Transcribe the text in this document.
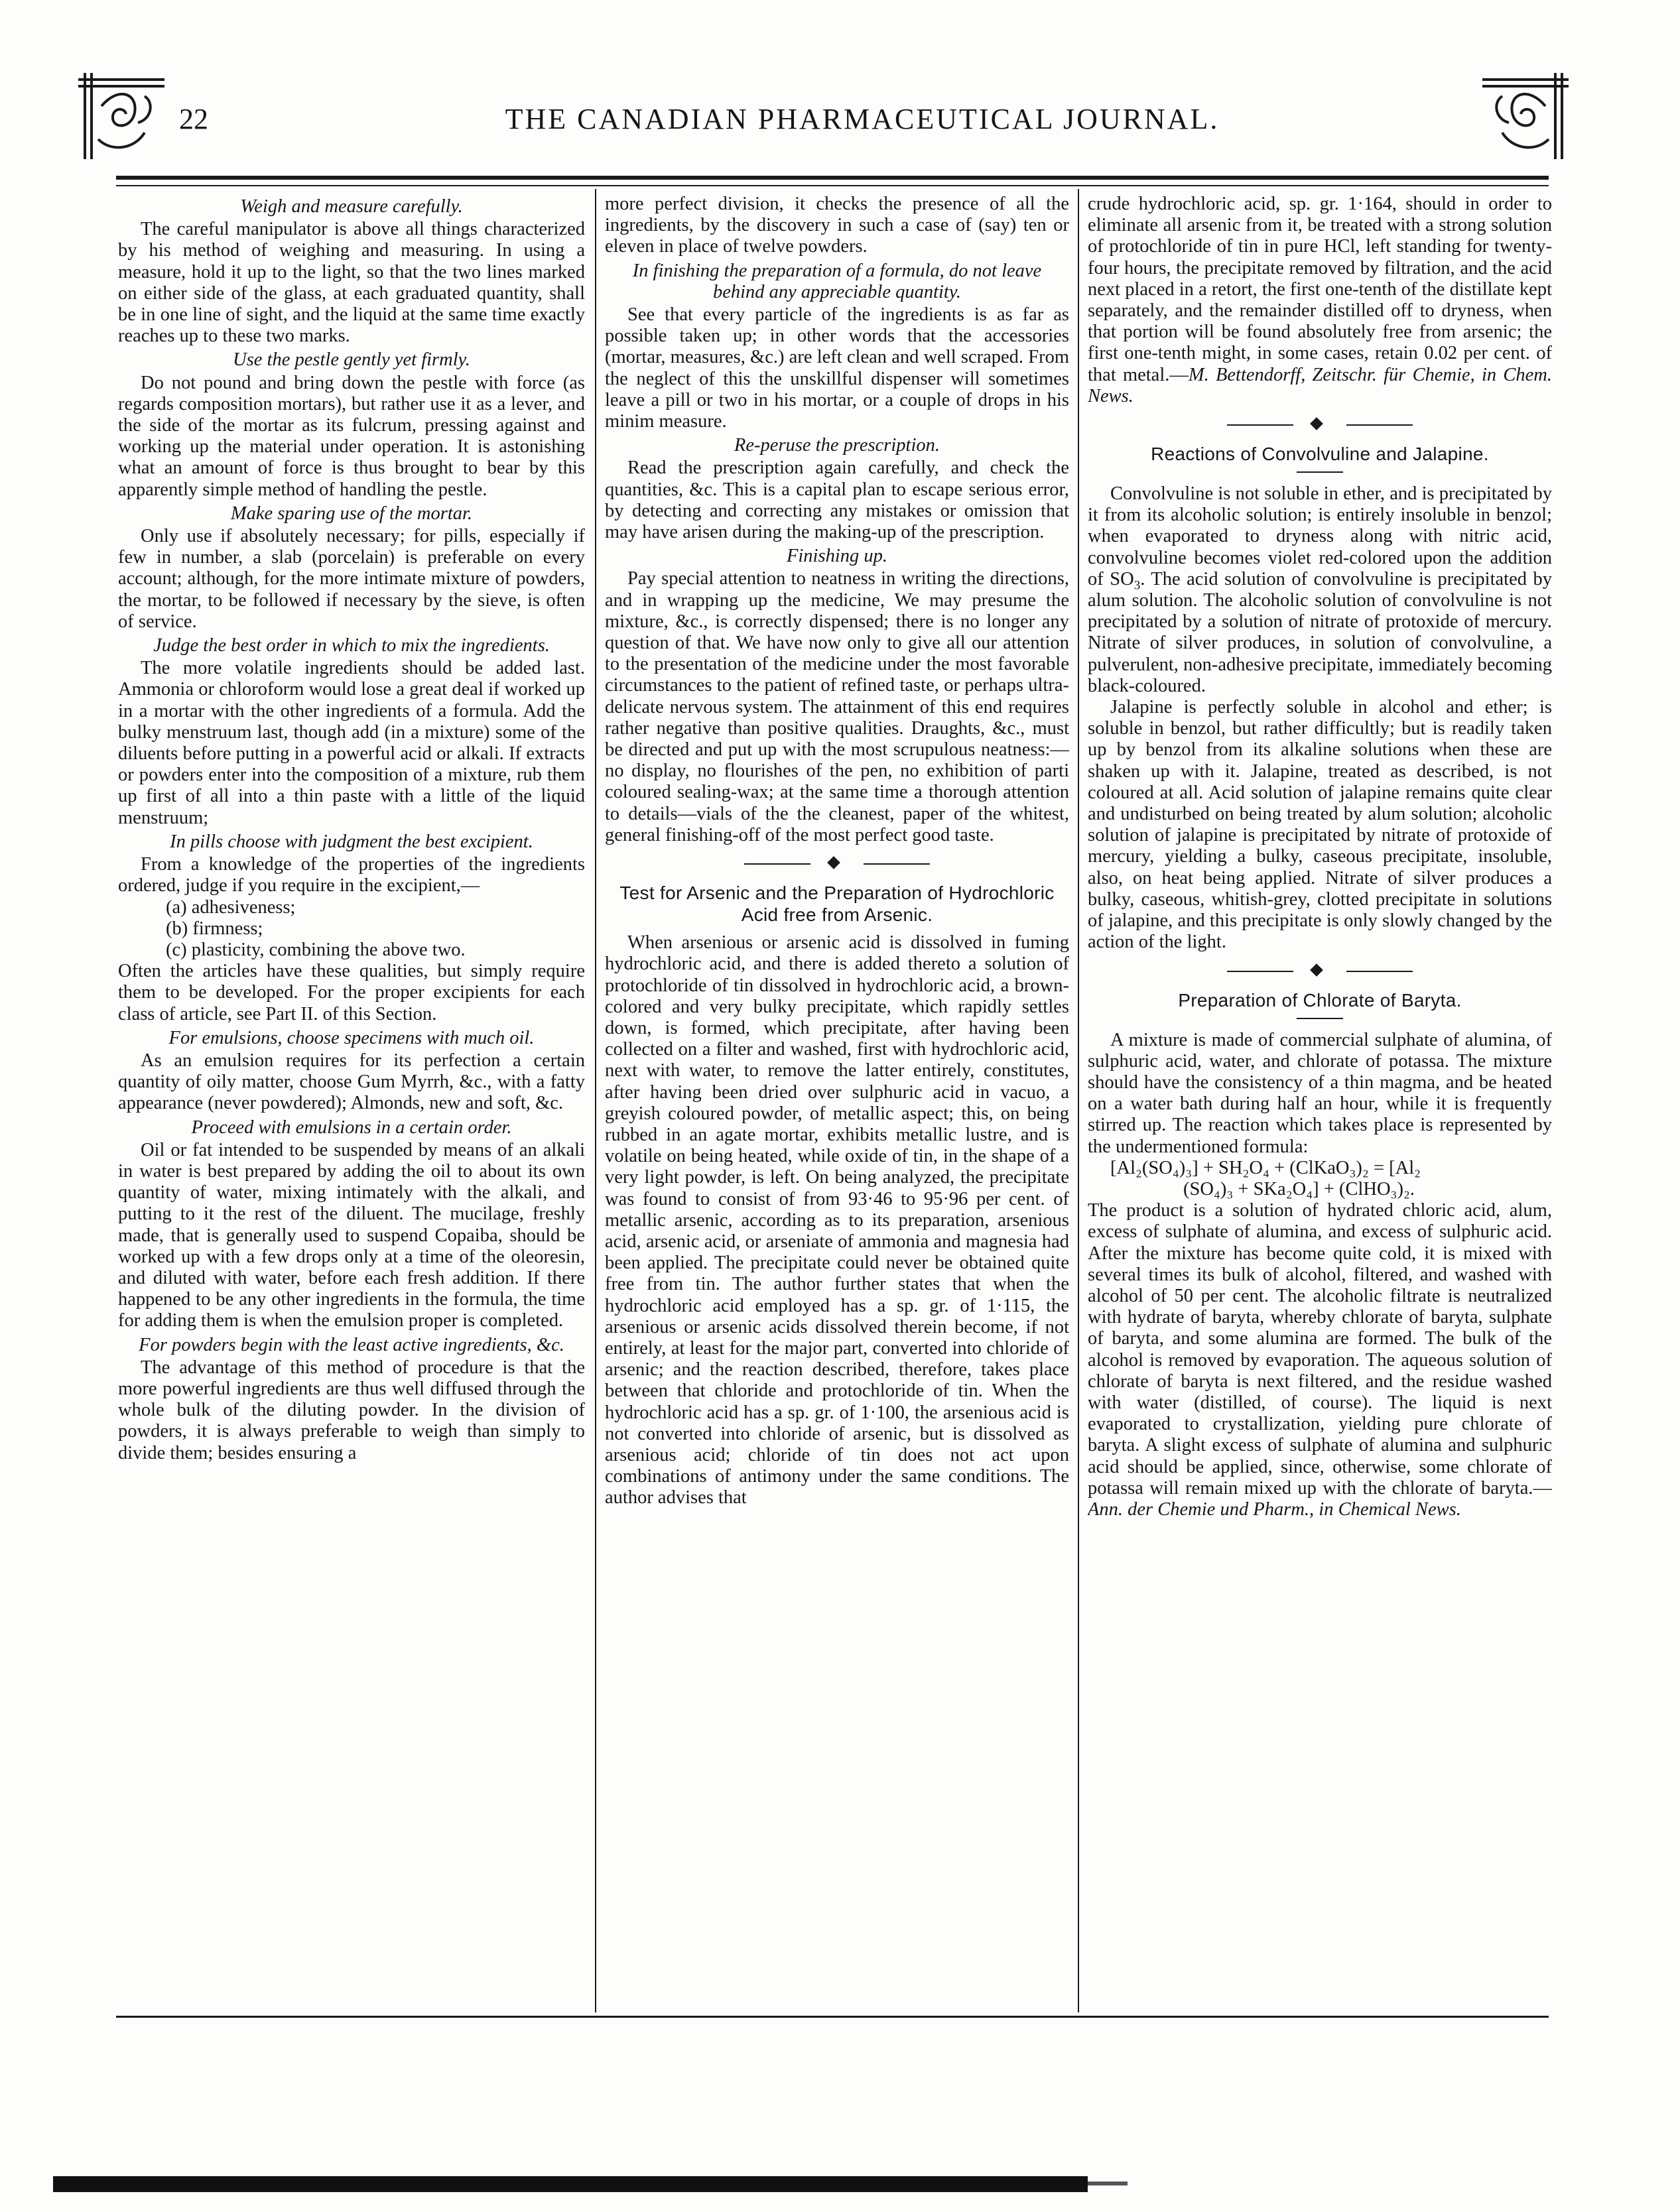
22	THE CANADIAN PHARMACEUTICAL JOURNAL.
Weigh and measure carefully.

The careful manipulator is above all things characterized by his method of weighing and measuring. In using a measure, hold it up to the light, so that the two lines marked on either side of the glass, at each graduated quantity, shall be in one line of sight, and the liquid at the same time exactly reaches up to these two marks.

Use the pestle gently yet firmly.

Do not pound and bring down the pestle with force (as regards composition mortars), but rather use it as a lever, and the side of the mortar as its fulcrum, pressing against and working up the material under operation. It is astonishing what an amount of force is thus brought to bear by this apparently simple method of handling the pestle.

Make sparing use of the mortar.

Only use if absolutely necessary; for pills, especially if few in number, a slab (porcelain) is preferable on every account; although, for the more intimate mixture of powders, the mortar, to be followed if necessary by the sieve, is often of service.

Judge the best order in which to mix the ingredients.

The more volatile ingredients should be added last. Ammonia or chloroform would lose a great deal if worked up in a mortar with the other ingredients of a formula. Add the bulky menstruum last, though add (in a mixture) some of the diluents before putting in a powerful acid or alkali. If extracts or powders enter into the composition of a mixture, rub them up first of all into a thin paste with a little of the liquid menstruum;

In pills choose with judgment the best excipient.

From a knowledge of the properties of the ingredients ordered, judge if you require in the excipient,—

(a) adhesiveness;

(b) firmness;

(c) plasticity, combining the above two.

Often the articles have these qualities, but simply require them to be developed. For the proper excipients for each class of article, see Part II. of this Section.

For emulsions, choose specimens with much oil.

As an emulsion requires for its perfection a certain quantity of oily matter, choose Gum Myrrh, &c., with a fatty appearance (never powdered); Almonds, new and soft, &c.

Proceed with emulsions in a certain order.

Oil or fat intended to be suspended by means of an alkali in water is best prepared by adding the oil to about its own quantity of water, mixing intimately with the alkali, and putting to it the rest of the diluent. The mucilage, freshly made, that is generally used to suspend Copaiba, should be worked up with a few drops only at a time of the oleoresin, and diluted with water, before each fresh addition. If there happened to be any other ingredients in the formula, the time for adding them is when the emulsion proper is completed.

For powders begin with the least active ingredients, &c.

The advantage of this method of procedure is that the more powerful ingredients are thus well diffused through the whole bulk of the diluting powder. In the division of powders, it is always preferable to weigh than simply to divide them; besides ensuring a

more perfect division, it checks the presence of all the ingredients, by the discovery in such a case of (say) ten or eleven in place of twelve powders.

In finishing the preparation of a formula, do not leave behind any appreciable quantity.

See that every particle of the ingredients is as far as possible taken up; in other words that the accessories (mortar, measures, &c.) are left clean and well scraped. From the neglect of this the unskillful dispenser will sometimes leave a pill or two in his mortar, or a couple of drops in his minim measure.

Re-peruse the prescription.

Read the prescription again carefully, and check the quantities, &c. This is a capital plan to escape serious error, by detecting and correcting any mistakes or omission that may have arisen during the making-up of the prescription.

Finishing up.

Pay special attention to neatness in writing the directions, and in wrapping up the medicine, We may presume the mixture, &c., is correctly dispensed; there is no longer any question of that. We have now only to give all our attention to the presentation of the medicine under the most favorable circumstances to the patient of refined taste, or perhaps ultra-delicate nervous system. The attainment of this end requires rather negative than positive qualities. Draughts, &c., must be directed and put up with the most scrupulous neatness:—no display, no flourishes of the pen, no exhibition of parti coloured sealing-wax; at the same time a thorough attention to details—vials of the the cleanest, paper of the whitest, general finishing-off of the most perfect good taste.

Test for Arsenic and the Preparation of Hydrochloric Acid free from Arsenic.

When arsenious or arsenic acid is dissolved in fuming hydrochloric acid, and there is added thereto a solution of protochloride of tin dissolved in hydrochloric acid, a brown-colored and very bulky precipitate, which rapidly settles down, is formed, which precipitate, after having been collected on a filter and washed, first with hydrochloric acid, next with water, to remove the latter entirely, constitutes, after having been dried over sulphuric acid in vacuo, a greyish coloured powder, of metallic aspect; this, on being rubbed in an agate mortar, exhibits metallic lustre, and is volatile on being heated, while oxide of tin, in the shape of a very light powder, is left. On being analyzed, the precipitate was found to consist of from 93·46 to 95·96 per cent. of metallic arsenic, according as to its preparation, arsenious acid, arsenic acid, or arseniate of ammonia and magnesia had been applied. The precipitate could never be obtained quite free from tin. The author further states that when the hydrochloric acid employed has a sp. gr. of 1·115, the arsenious or arsenic acids dissolved therein become, if not entirely, at least for the major part, converted into chloride of arsenic; and the reaction described, therefore, takes place between that chloride and protochloride of tin. When the hydrochloric acid has a sp. gr. of 1·100, the arsenious acid is not converted into chloride of arsenic, but is dissolved as arsenious acid; chloride of tin does not act upon combinations of antimony under the same conditions. The author advises that

crude hydrochloric acid, sp. gr. 1·164, should in order to eliminate all arsenic from it, be treated with a strong solution of protochloride of tin in pure HCl, left standing for twenty-four hours, the precipitate removed by filtration, and the acid next placed in a retort, the first one-tenth of the distillate kept separately, and the remainder distilled off to dryness, when that portion will be found absolutely free from arsenic; the first one-tenth might, in some cases, retain 0.02 per cent. of that metal.—M. Bettendorff, Zeitschr. für Chemie, in Chem. News.

Reactions of Convolvuline and Jalapine.

Convolvuline is not soluble in ether, and is precipitated by it from its alcoholic solution; is entirely insoluble in benzol; when evaporated to dryness along with nitric acid, convolvuline becomes violet red-colored upon the addition of $SO_3$. The acid solution of convolvuline is precipitated by alum solution. The alcoholic solution of convolvuline is not precipitated by a solution of nitrate of protoxide of mercury. Nitrate of silver produces, in solution of convolvuline, a pulverulent, non-adhesive precipitate, immediately becoming black-coloured.

Jalapine is perfectly soluble in alcohol and ether; is soluble in benzol, but rather difficultly; but is readily taken up by benzol from its alkaline solutions when these are shaken up with it. Jalapine, treated as described, is not coloured at all. Acid solution of jalapine remains quite clear and undisturbed on being treated by alum solution; alcoholic solution of jalapine is precipitated by nitrate of protoxide of mercury, yielding a bulky, caseous precipitate, insoluble, also, on heat being applied. Nitrate of silver produces a bulky, caseous, whitish-grey, clotted precipitate in solutions of jalapine, and this precipitate is only slowly changed by the action of the light.

Preparation of Chlorate of Baryta.

A mixture is made of commercial sulphate of alumina, of sulphuric acid, water, and chlorate of potassa. The mixture should have the consistency of a thin magma, and be heated on a water bath during half an hour, while it is frequently stirred up. The reaction which takes place is represented by the undermentioned formula:

[Al₂(SO₄)₃] + SH₂O₄ + (ClKaO₃)₂ = [Al₂
(SO₄)₃ + SKa₂O₄] + (ClHO₃)₂.

The product is a solution of hydrated chloric acid, alum, excess of sulphate of alumina, and excess of sulphuric acid. After the mixture has become quite cold, it is mixed with several times its bulk of alcohol, filtered, and washed with alcohol of 50 per cent. The alcoholic filtrate is neutralized with hydrate of baryta, whereby chlorate of baryta, sulphate of baryta, and some alumina are formed. The bulk of the alcohol is removed by evaporation. The aqueous solution of chlorate of baryta is next filtered, and the residue washed with water (distilled, of course). The liquid is next evaporated to crystallization, yielding pure chlorate of baryta. A slight excess of sulphate of alumina and sulphuric acid should be applied, since, otherwise, some chlorate of potassa will remain mixed up with the chlorate of baryta.—Ann. der Chemie und Pharm., in Chemical News.
